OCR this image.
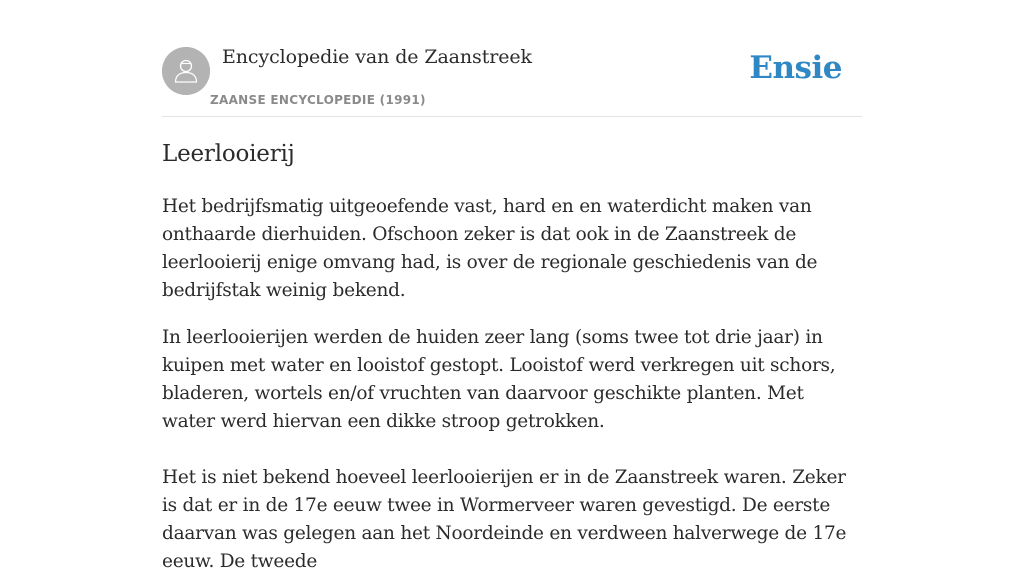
Encyclopedie van de Zaanstreek
ZAANSE ENCYCLOPEDIE (1991)
Ensie
Leerlooierij

Het bedrijfsmatig uitgeoefende vast, hard en en waterdicht maken van onthaarde dierhuiden. Ofschoon zeker is dat ook in de Zaanstreek de leerlooierij enige omvang had, is over de regionale geschiedenis van de bedrijfstak weinig bekend.

In leerlooierijen werden de huiden zeer lang (soms twee tot drie jaar) in kuipen met water en looistof gestopt. Looistof werd verkregen uit schors, bladeren, wortels en/of vruchten van daarvoor geschikte planten. Met water werd hiervan een dikke stroop getrokken.

Het is niet bekend hoeveel leerlooierijen er in de Zaanstreek waren. Zeker is dat er in de 17e eeuw twee in Wormerveer waren gevestigd. De eerste daarvan was gelegen aan het Noordeinde en verdween halverwege de 17e eeuw. De tweede
